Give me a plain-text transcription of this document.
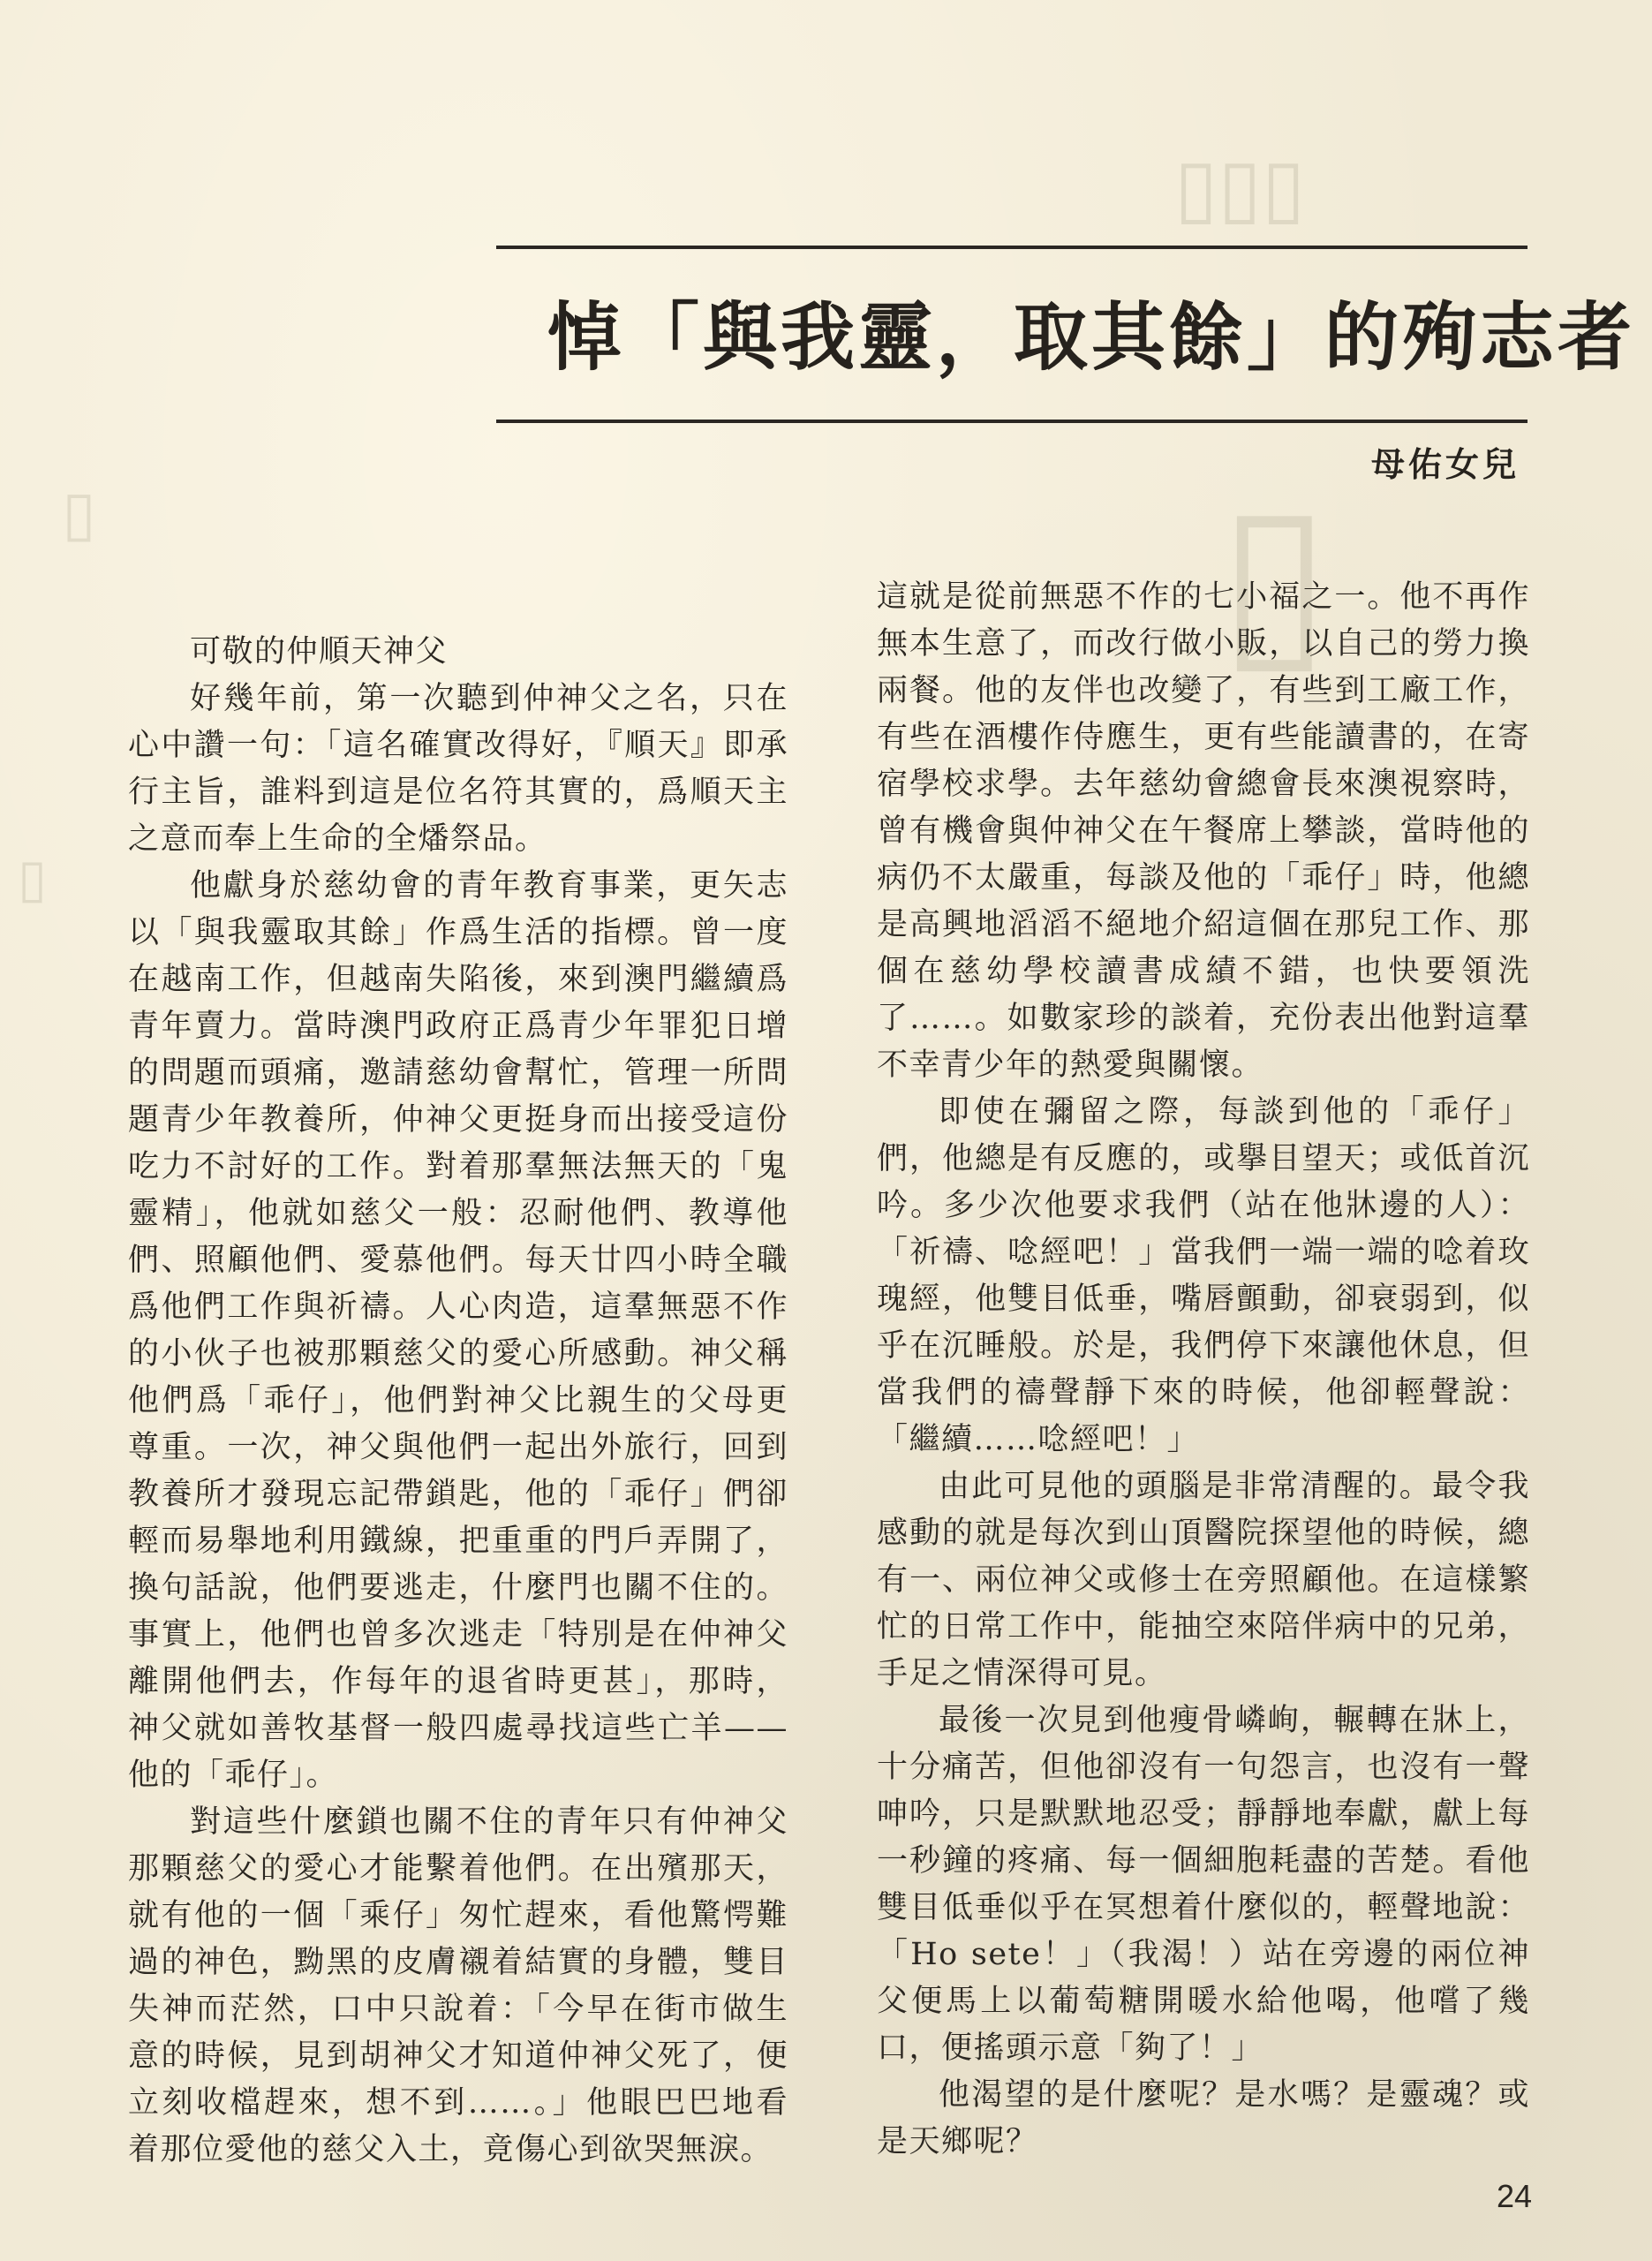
▯▯▯
▯
▯
▯
悼「與我靈，取其餘」的殉志者
母佑女兒

可敬的仲順天神父

好幾年前，第一次聽到仲神父之名，只在心中讚一句：「這名確實改得好，『順天』即承行主旨，誰料到這是位名符其實的，爲順天主之意而奉上生命的全燔祭品。

他獻身於慈幼會的青年教育事業，更矢志以「與我靈取其餘」作爲生活的指標。曾一度在越南工作，但越南失陷後，來到澳門繼續爲青年賣力。當時澳門政府正爲青少年罪犯日增的問題而頭痛，邀請慈幼會幫忙，管理一所問題青少年教養所，仲神父更挺身而出接受這份吃力不討好的工作。對着那羣無法無天的「鬼靈精」，他就如慈父一般：忍耐他們、教導他們、照顧他們、愛慕他們。每天廿四小時全職爲他們工作與祈禱。人心肉造，這羣無惡不作的小伙子也被那顆慈父的愛心所感動。神父稱他們爲「乖仔」，他們對神父比親生的父母更尊重。一次，神父與他們一起出外旅行，回到教養所才發現忘記帶鎖匙，他的「乖仔」們卻輕而易舉地利用鐵線，把重重的門戶弄開了，換句話說，他們要逃走，什麼門也關不住的。事實上，他們也曾多次逃走「特別是在仲神父離開他們去，作每年的退省時更甚」，那時，神父就如善牧基督一般四處尋找這些亡羊——他的「乖仔」。

對這些什麼鎖也關不住的青年只有仲神父那顆慈父的愛心才能繫着他們。在出殯那天，就有他的一個「乘仔」匆忙趕來，看他驚愕難過的神色，黝黑的皮膚襯着結實的身體，雙目失神而茫然，口中只說着：「今早在街市做生意的時候，見到胡神父才知道仲神父死了，便立刻收檔趕來，想不到……。」他眼巴巴地看着那位愛他的慈父入土，竟傷心到欲哭無淚。

這就是從前無惡不作的七小福之一。他不再作無本生意了，而改行做小販，以自己的勞力換兩餐。他的友伴也改變了，有些到工廠工作，有些在酒樓作侍應生，更有些能讀書的，在寄宿學校求學。去年慈幼會總會長來澳視察時，曾有機會與仲神父在午餐席上攀談，當時他的病仍不太嚴重，每談及他的「乖仔」時，他總是高興地滔滔不絕地介紹這個在那兒工作、那個在慈幼學校讀書成績不錯，也快要領洗了……。如數家珍的談着，充份表出他對這羣不幸青少年的熱愛與關懷。

即使在彌留之際，每談到他的「乖仔」們，他總是有反應的，或擧目望天；或低首沉吟。多少次他要求我們（站在他牀邊的人）：「祈禱、唸經吧！」當我們一端一端的唸着玫瑰經，他雙目低垂，嘴唇顫動，卻衰弱到，似乎在沉睡般。於是，我們停下來讓他休息，但當我們的禱聲靜下來的時候，他卻輕聲說：「繼續……唸經吧！」

由此可見他的頭腦是非常清醒的。最令我感動的就是每次到山頂醫院探望他的時候，總有一、兩位神父或修士在旁照顧他。在這樣繁忙的日常工作中，能抽空來陪伴病中的兄弟，手足之情深得可見。

最後一次見到他瘦骨嶙峋，輾轉在牀上，十分痛苦，但他卻沒有一句怨言，也沒有一聲呻吟，只是默默地忍受；靜靜地奉獻，獻上每一秒鐘的疼痛、每一個細胞耗盡的苦楚。看他雙目低垂似乎在冥想着什麼似的，輕聲地說：「Ho sete！」（我渴！）站在旁邊的兩位神父便馬上以葡萄糖開暖水給他喝，他嚐了幾口，便搖頭示意「夠了！」

他渴望的是什麼呢？是水嗎？是靈魂？或是天鄉呢？

24
